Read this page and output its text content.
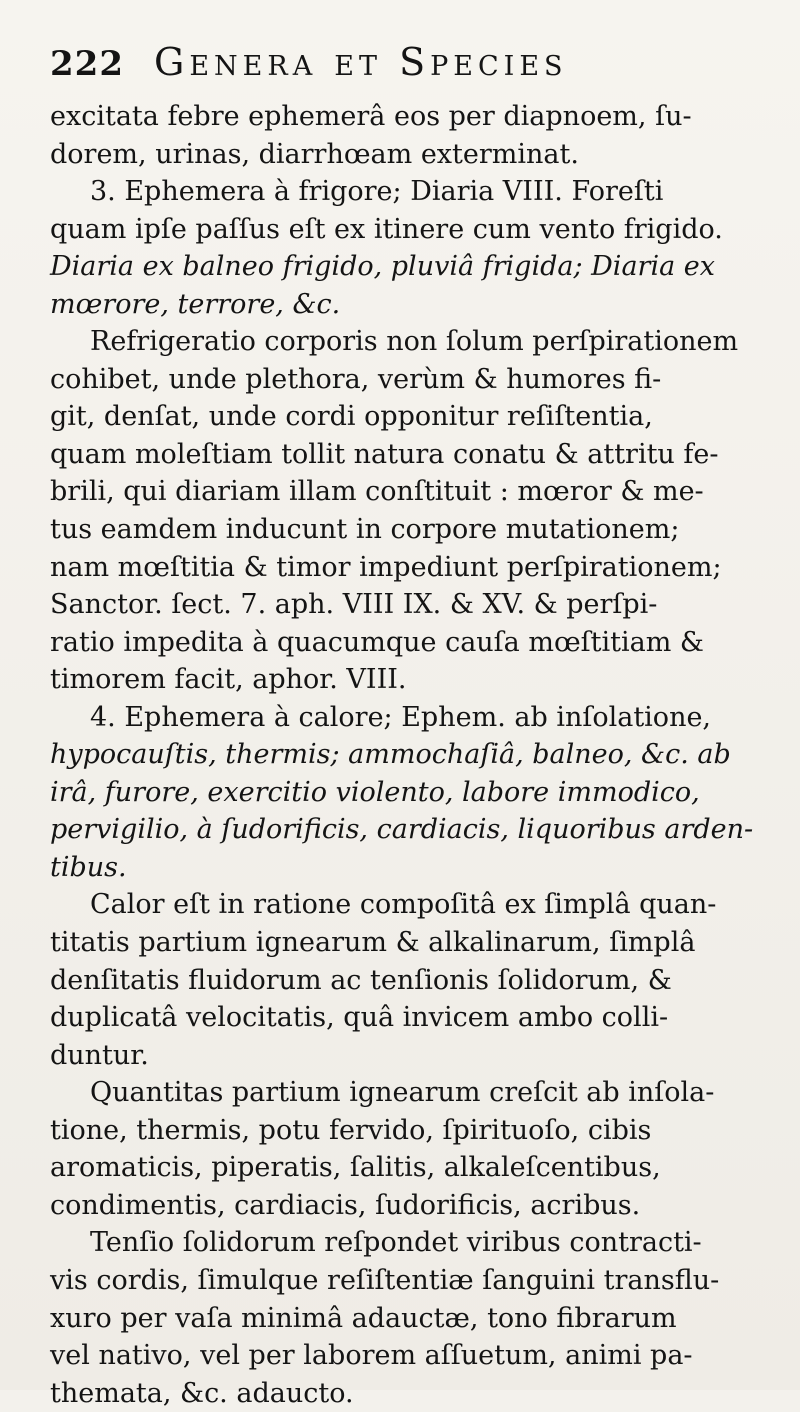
222 Genera et Species
excitata febre ephemerâ eos per diapnoem, ſu-
dorem, urinas, diarrhœam exterminat.
3. Ephemera à frigore; Diaria VIII. Foreſti
quam ipſe paſſus eſt ex itinere cum vento frigido.
Diaria ex balneo frigido, pluviâ frigida; Diaria ex
mœrore, terrore, &c.
Refrigeratio corporis non ſolum perſpirationem
cohibet, unde plethora, verùm & humores fi-
git, denſat, unde cordi opponitur reſiſtentia,
quam moleſtiam tollit natura conatu & attritu fe-
brili, qui diariam illam conſtituit : mœror & me-
tus eamdem inducunt in corpore mutationem;
nam mœſtitia & timor impediunt perſpirationem;
Sanctor. ſect. 7. aph. VIII IX. & XV. & perſpi-
ratio impedita à quacumque cauſa mœſtitiam &
timorem facit, aphor. VIII.
4. Ephemera à calore; Ephem. ab inſolatione,
hypocauſtis, thermis; ammochaſiâ, balneo, &c. ab
irâ, furore, exercitio violento, labore immodico,
pervigilio, à ſudorificis, cardiacis, liquoribus arden-
tibus.
Calor eſt in ratione compoſitâ ex ſimplâ quan-
titatis partium ignearum & alkalinarum, ſimplâ
denſitatis fluidorum ac tenſionis ſolidorum, &
duplicatâ velocitatis, quâ invicem ambo colli-
duntur.
Quantitas partium ignearum creſcit ab inſola-
tione, thermis, potu fervido, ſpirituoſo, cibis
aromaticis, piperatis, ſalitis, alkaleſcentibus,
condimentis, cardiacis, ſudorificis, acribus.
Tenſio ſolidorum reſpondet viribus contracti-
vis cordis, ſimulque reſiſtentiæ ſanguini transflu-
xuro per vaſa minimâ adauctæ, tono fibrarum
vel nativo, vel per laborem aſſuetum, animi pa-
themata, &c. adaucto.
